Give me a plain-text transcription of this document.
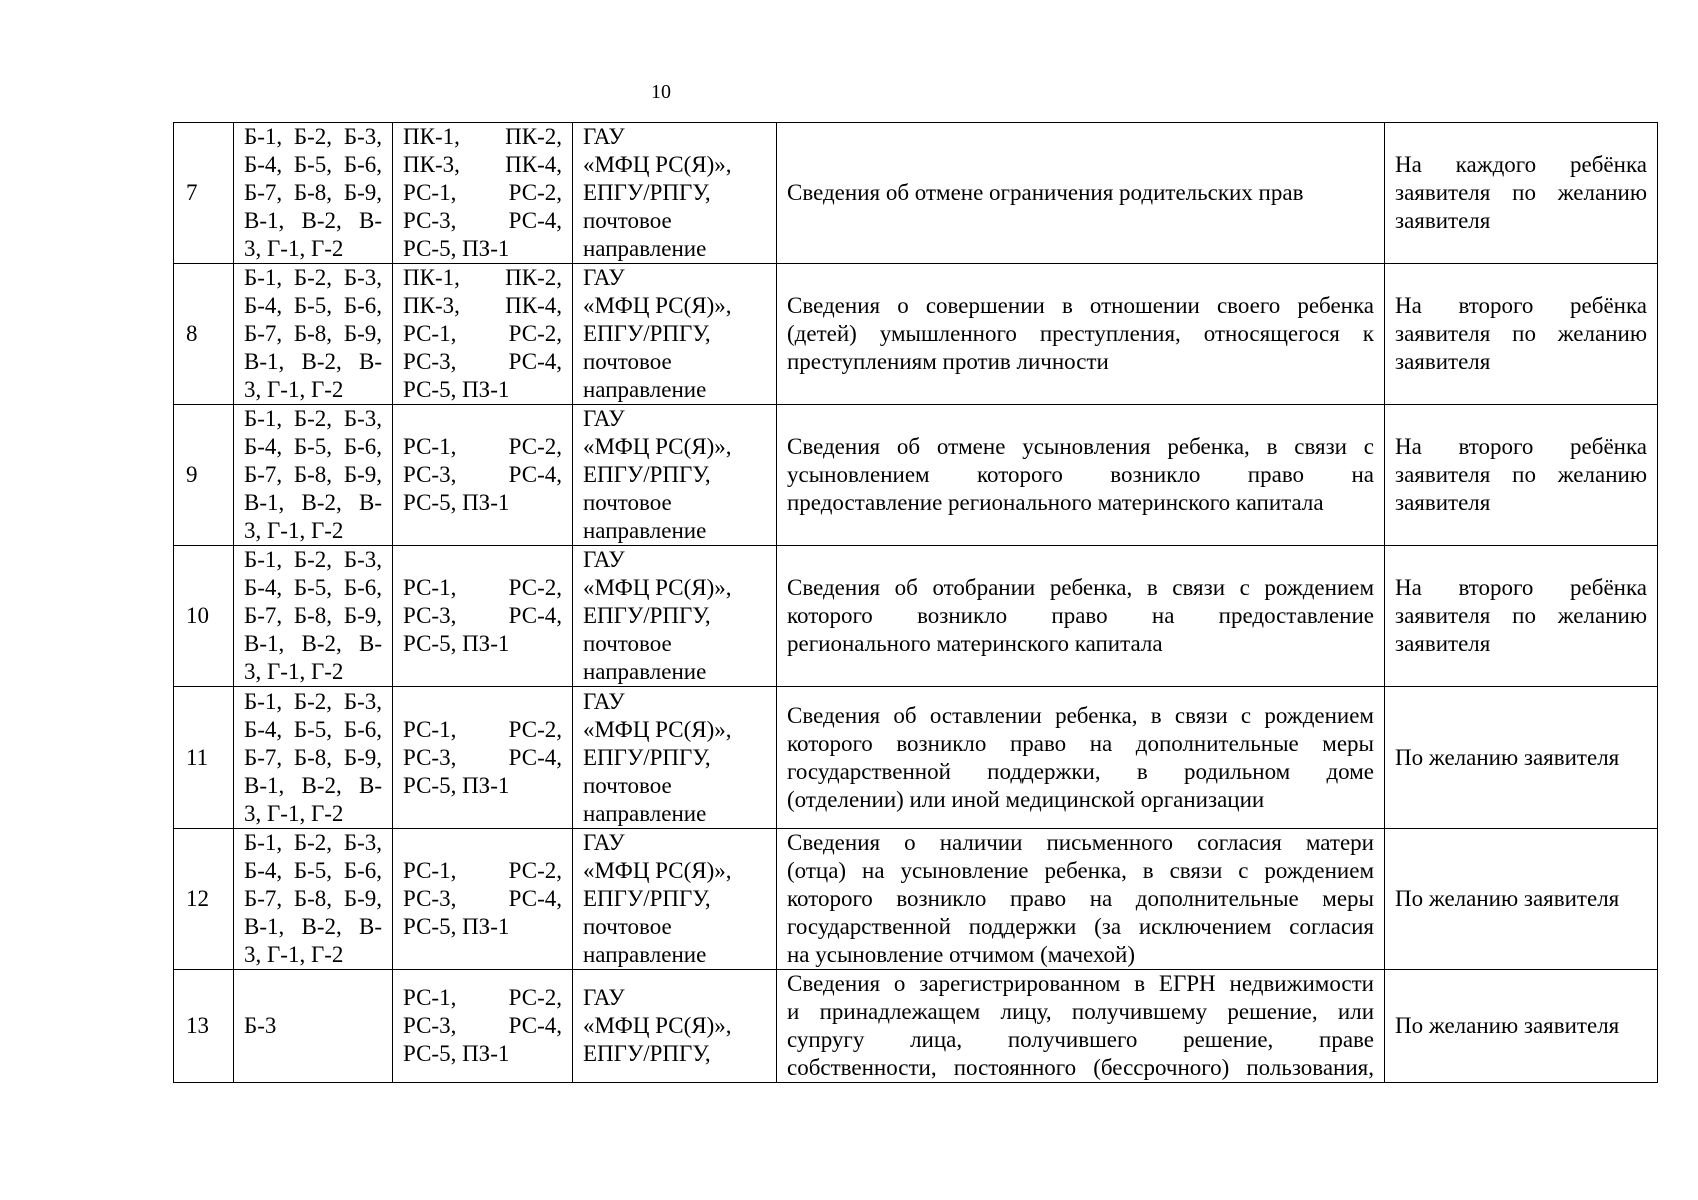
10
7
Б-1, Б-2, Б-3,
Б-4, Б-5, Б-6,
Б-7, Б-8, Б-9,
В-1, В-2, В-
3, Г-1, Г-2
ПК-1, ПК-2,
ПК-3, ПК-4,
РС-1, РС-2,
РС-3, РС-4,
РС-5, ПЗ-1
ГАУ
«МФЦ РС(Я)»,
ЕПГУ/РПГУ,
почтовое
направление
Сведения об отмене ограничения родительских прав
На каждого ребёнка
заявителя по желанию
заявителя
8
Б-1, Б-2, Б-3,
Б-4, Б-5, Б-6,
Б-7, Б-8, Б-9,
В-1, В-2, В-
3, Г-1, Г-2
ПК-1, ПК-2,
ПК-3, ПК-4,
РС-1, РС-2,
РС-3, РС-4,
РС-5, ПЗ-1
ГАУ
«МФЦ РС(Я)»,
ЕПГУ/РПГУ,
почтовое
направление
Сведения о совершении в отношении своего ребенка
(детей) умышленного преступления, относящегося к
преступлениям против личности
На второго ребёнка
заявителя по желанию
заявителя
9
Б-1, Б-2, Б-3,
Б-4, Б-5, Б-6,
Б-7, Б-8, Б-9,
В-1, В-2, В-
3, Г-1, Г-2
РС-1, РС-2,
РС-3, РС-4,
РС-5, ПЗ-1
ГАУ
«МФЦ РС(Я)»,
ЕПГУ/РПГУ,
почтовое
направление
Сведения об отмене усыновления ребенка, в связи с
усыновлением которого возникло право на
предоставление регионального материнского капитала
На второго ребёнка
заявителя по желанию
заявителя
10
Б-1, Б-2, Б-3,
Б-4, Б-5, Б-6,
Б-7, Б-8, Б-9,
В-1, В-2, В-
3, Г-1, Г-2
РС-1, РС-2,
РС-3, РС-4,
РС-5, ПЗ-1
ГАУ
«МФЦ РС(Я)»,
ЕПГУ/РПГУ,
почтовое
направление
Сведения об отобрании ребенка, в связи с рождением
которого возникло право на предоставление
регионального материнского капитала
На второго ребёнка
заявителя по желанию
заявителя
11
Б-1, Б-2, Б-3,
Б-4, Б-5, Б-6,
Б-7, Б-8, Б-9,
В-1, В-2, В-
3, Г-1, Г-2
РС-1, РС-2,
РС-3, РС-4,
РС-5, ПЗ-1
ГАУ
«МФЦ РС(Я)»,
ЕПГУ/РПГУ,
почтовое
направление
Сведения об оставлении ребенка, в связи с рождением
которого возникло право на дополнительные меры
государственной поддержки, в родильном доме
(отделении) или иной медицинской организации
По желанию заявителя
12
Б-1, Б-2, Б-3,
Б-4, Б-5, Б-6,
Б-7, Б-8, Б-9,
В-1, В-2, В-
3, Г-1, Г-2
РС-1, РС-2,
РС-3, РС-4,
РС-5, ПЗ-1
ГАУ
«МФЦ РС(Я)»,
ЕПГУ/РПГУ,
почтовое
направление
Сведения о наличии письменного согласия матери
(отца) на усыновление ребенка, в связи с рождением
которого возникло право на дополнительные меры
государственной поддержки (за исключением согласия
на усыновление отчимом (мачехой)
По желанию заявителя
13	Б-3
РС-1, РС-2,
РС-3, РС-4,
РС-5, ПЗ-1
ГАУ
«МФЦ РС(Я)»,
ЕПГУ/РПГУ,
Сведения о зарегистрированном в ЕГРН недвижимости
и принадлежащем лицу, получившему решение, или
супругу лица, получившего решение, праве
собственности, постоянного (бессрочного) пользования,
По желанию заявителя
